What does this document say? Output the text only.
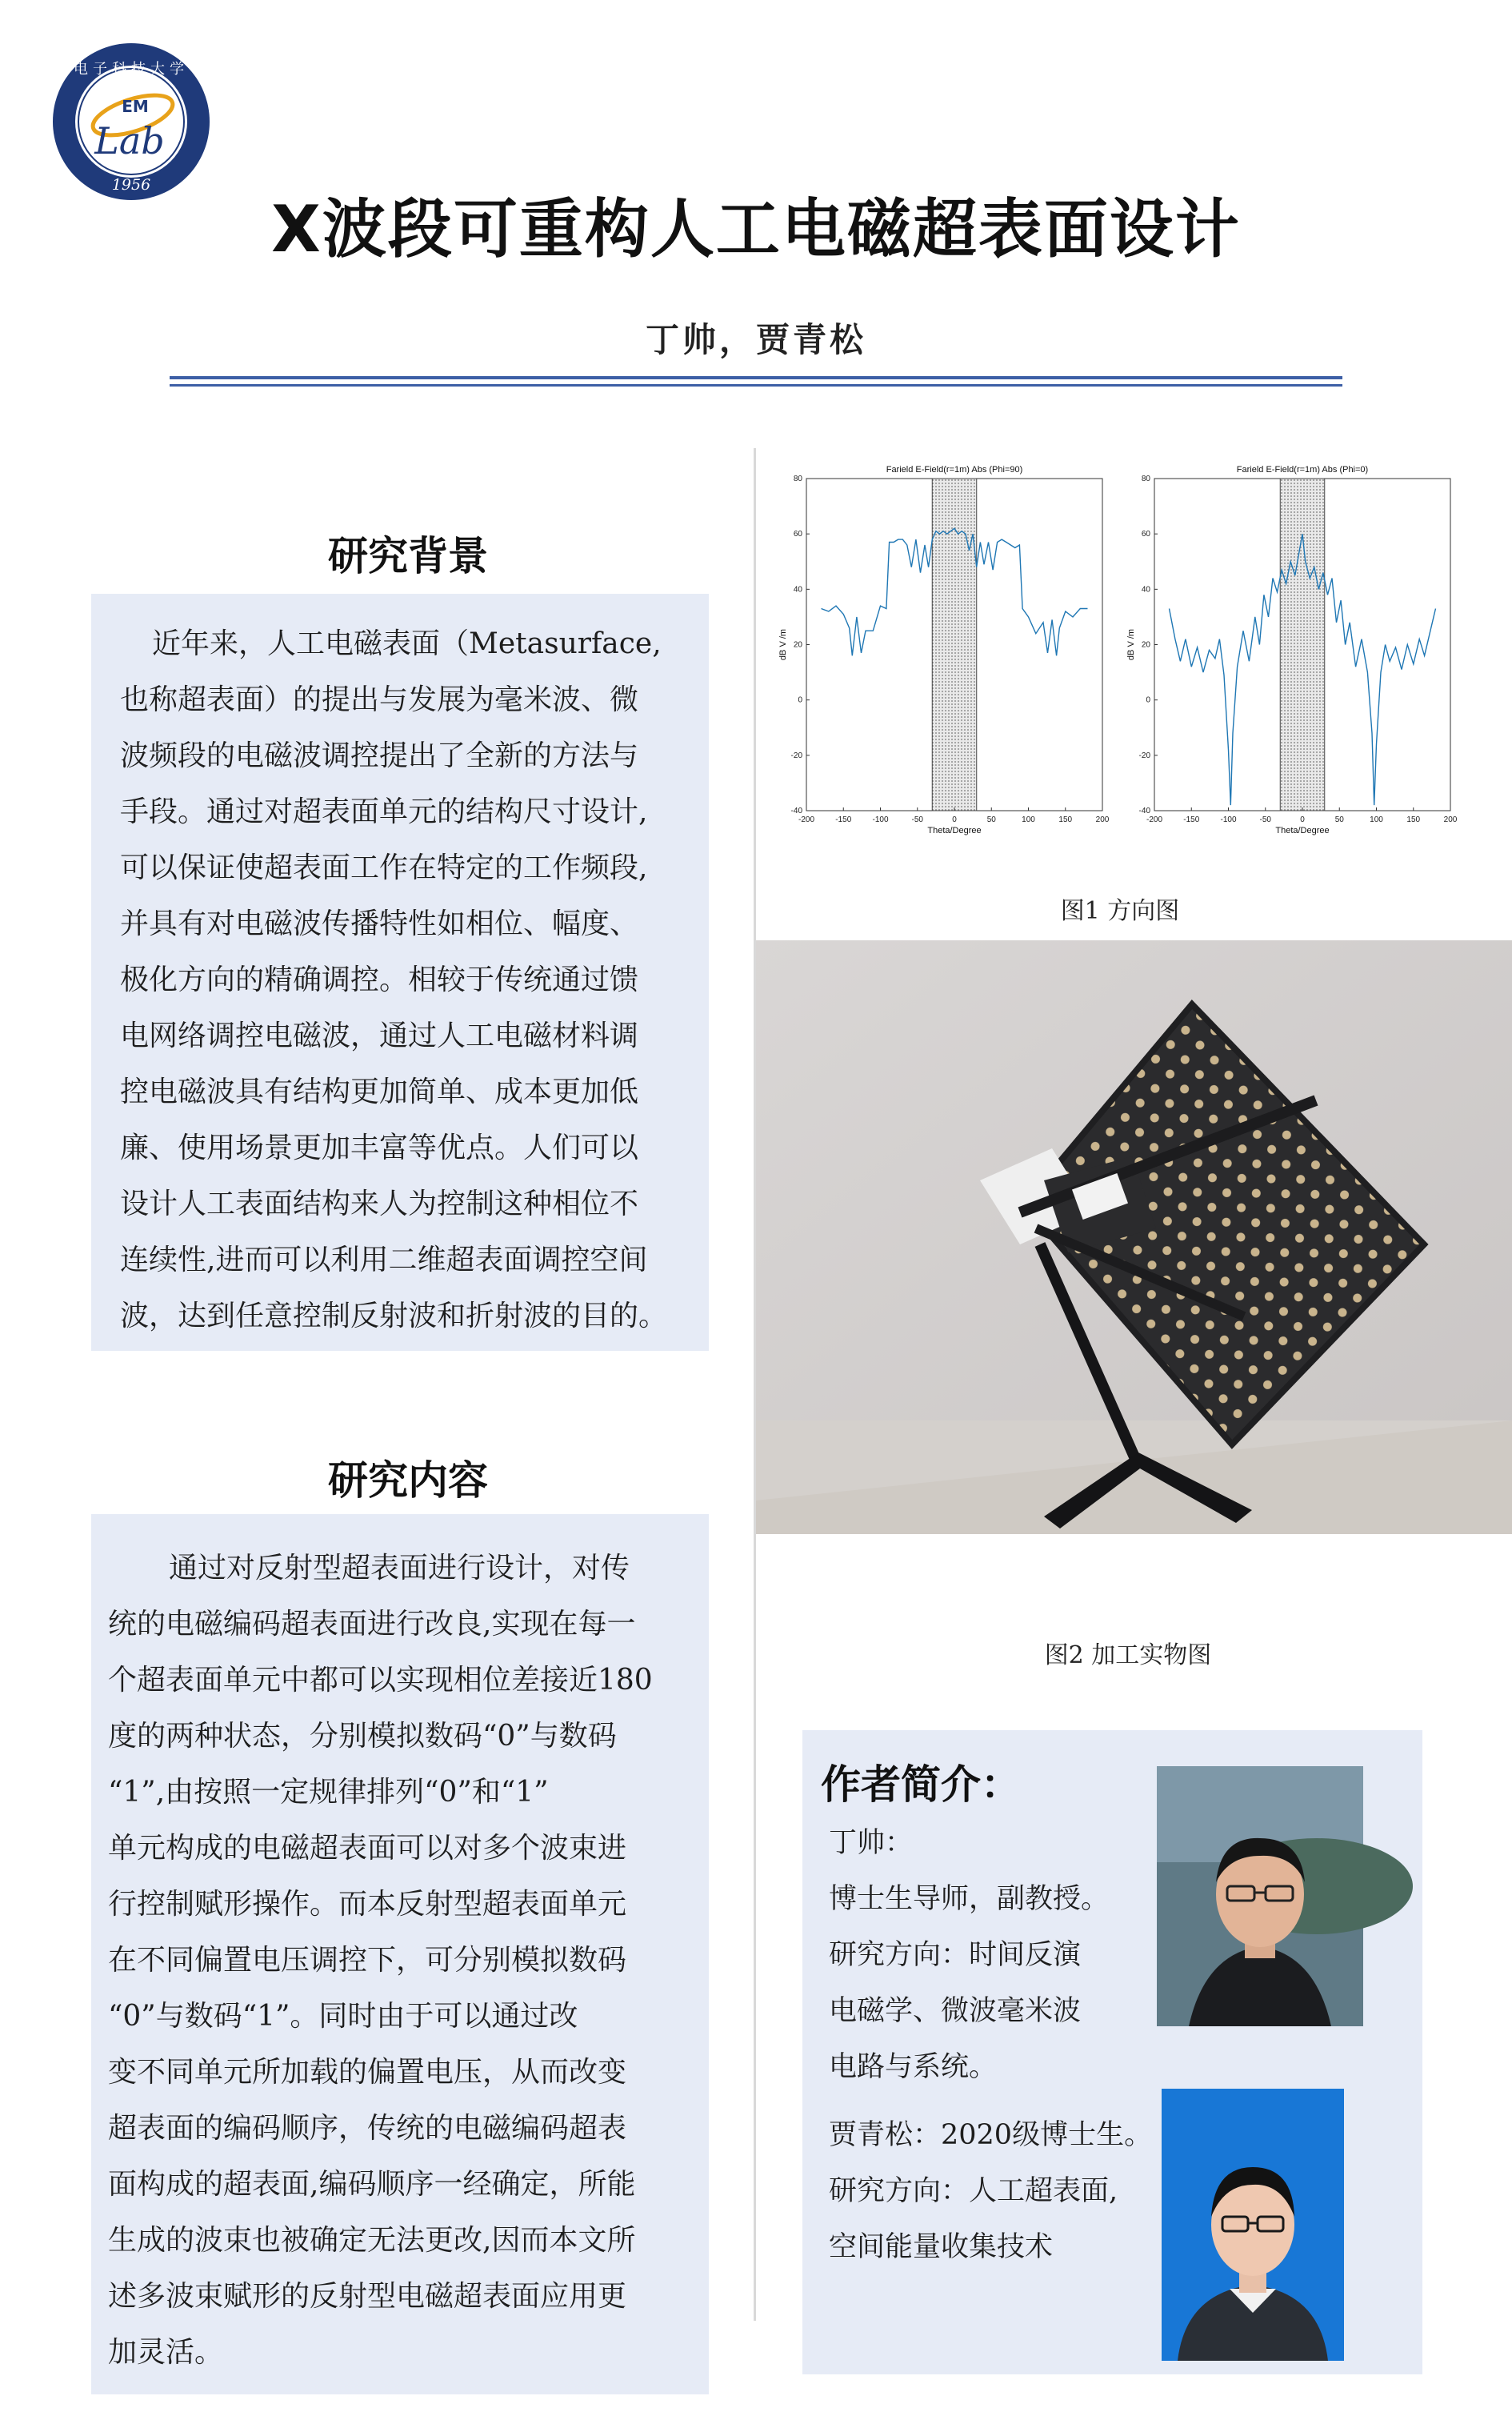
EM
Lab
1956
电子科技大学
X波段可重构人工电磁超表面设计
丁帅，贾青松
研究背景
近年来，人工电磁表面（Metasurface,
也称超表面）的提出与发展为毫米波、微
波频段的电磁波调控提出了全新的方法与
手段。通过对超表面单元的结构尺寸设计,
可以保证使超表面工作在特定的工作频段,
并具有对电磁波传播特性如相位、幅度、
极化方向的精确调控。相较于传统通过馈
电网络调控电磁波，通过人工电磁材料调
控电磁波具有结构更加简单、成本更加低
廉、使用场景更加丰富等优点。人们可以
设计人工表面结构来人为控制这种相位不
连续性,进而可以利用二维超表面调控空间
波，达到任意控制反射波和折射波的目的。
研究内容
通过对反射型超表面进行设计，对传
统的电磁编码超表面进行改良,实现在每一
个超表面单元中都可以实现相位差接近180
度的两种状态，分别模拟数码“0”与数码
“1”,由按照一定规律排列“0”和“1”
单元构成的电磁超表面可以对多个波束进
行控制赋形操作。而本反射型超表面单元
在不同偏置电压调控下，可分别模拟数码
“0”与数码“1”。同时由于可以通过改
变不同单元所加载的偏置电压，从而改变
超表面的编码顺序，传统的电磁编码超表
面构成的超表面,编码顺序一经确定，所能
生成的波束也被确定无法更改,因而本文所
述多波束赋形的反射型电磁超表面应用更
加灵活。
Farield E-Field(r=1m) Abs (Phi=90)
-200	-150	-100	-50	0	50	100	150	200
80
60
40
20
0
-20
-40
Theta/Degree
dB V /m
Farield E-Field(r=1m) Abs (Phi=0)
-200	-150	-100	-50	0	50	100	150	200
80
60
40
20
0
-20
-40
Theta/Degree
dB V /m
图1 方向图
图2 加工实物图
作者简介：
丁帅：
博士生导师，副教授。
研究方向：时间反演
电磁学、微波毫米波
电路与系统。
贾青松：2020级博士生。
研究方向：人工超表面,
空间能量收集技术
